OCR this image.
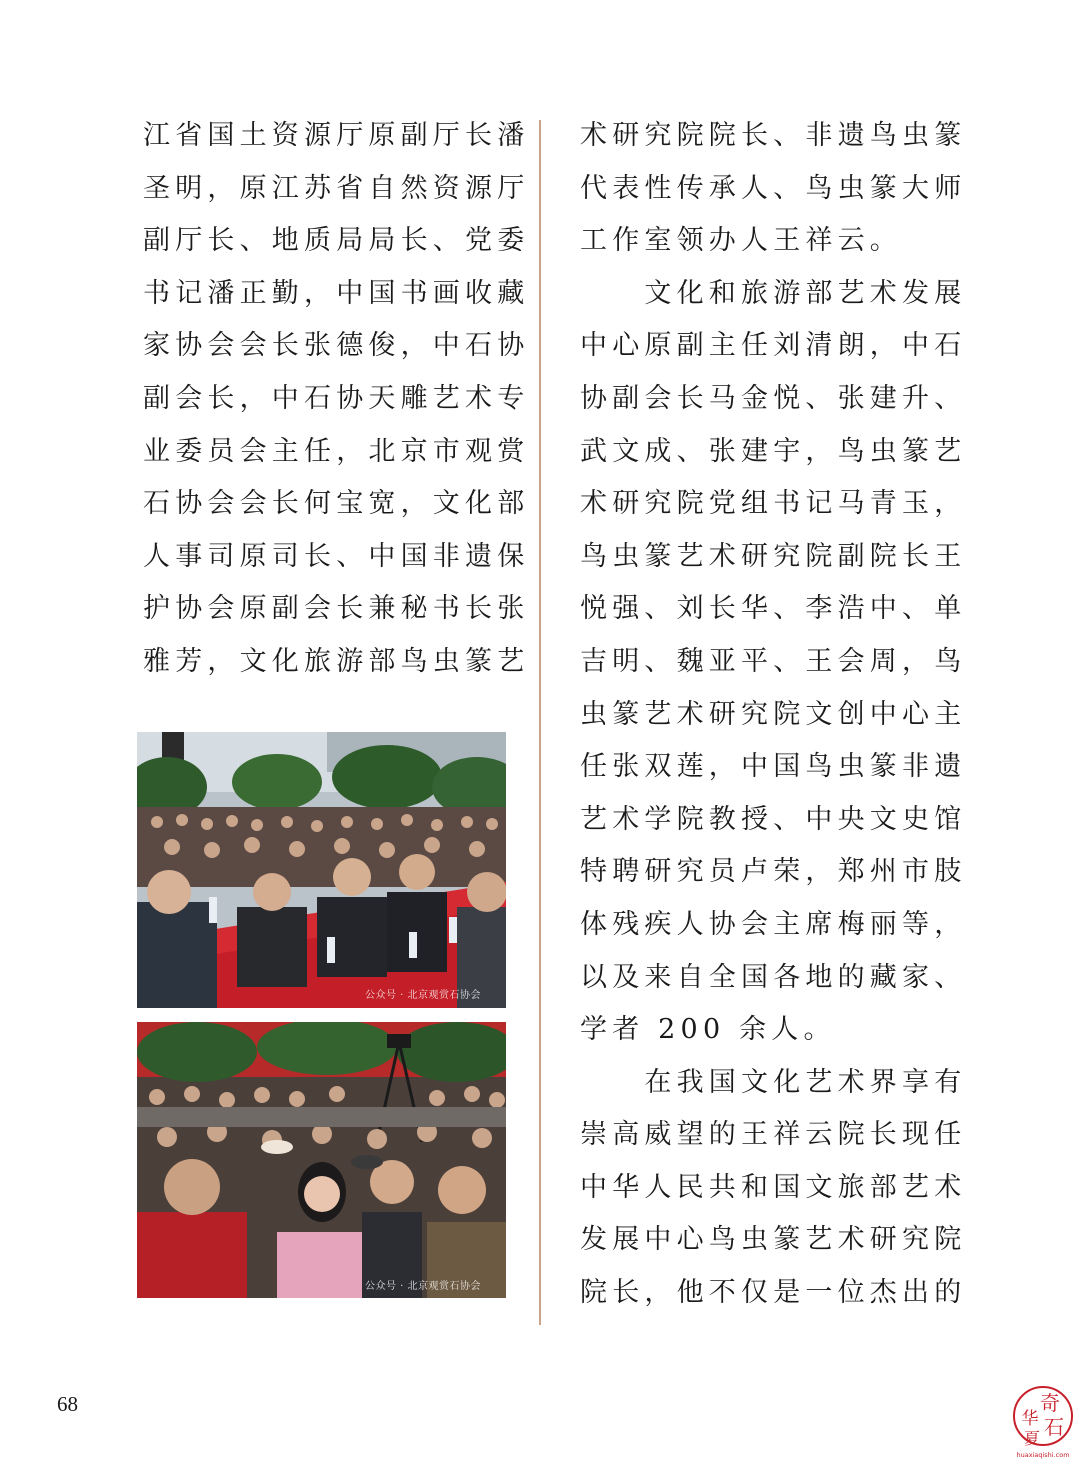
江省国土资源厅原副厅长潘
圣明，原江苏省自然资源厅
副厅长、地质局局长、党委
书记潘正勤，中国书画收藏
家协会会长张德俊，中石协
副会长，中石协天雕艺术专
业委员会主任，北京市观赏
石协会会长何宝宽，文化部
人事司原司长、中国非遗保
护协会原副会长兼秘书长张
雅芳，文化旅游部鸟虫篆艺

术研究院院长、非遗鸟虫篆
代表性传承人、鸟虫篆大师
工作室领办人王祥云。
　　文化和旅游部艺术发展
中心原副主任刘清朗，中石
协副会长马金悦、张建升、
武文成、张建宇，鸟虫篆艺
术研究院党组书记马青玉，
鸟虫篆艺术研究院副院长王
悦强、刘长华、李浩中、单
吉明、魏亚平、王会周，鸟
虫篆艺术研究院文创中心主
任张双莲，中国鸟虫篆非遗
艺术学院教授、中央文史馆
特聘研究员卢荣，郑州市肢
体残疾人协会主席梅丽等，
以及来自全国各地的藏家、
学者 200 余人。
　　在我国文化艺术界享有
崇高威望的王祥云院长现任
中华人民共和国文旅部艺术
发展中心鸟虫篆艺术研究院
院长，他不仅是一位杰出的

公众号 · 北京观赏石协会
公众号 · 北京观赏石协会
68	奇
华 石
夏
huaxiaqishi.com
